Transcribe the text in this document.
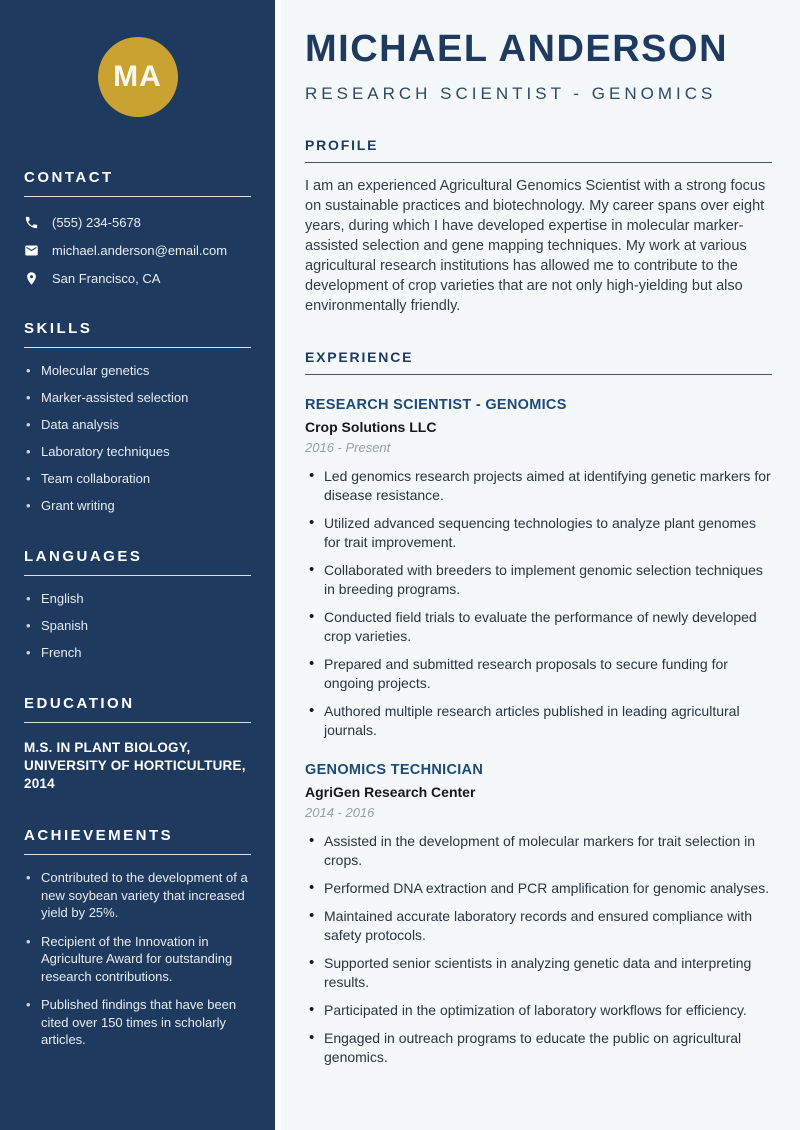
MA
CONTACT
(555) 234-5678
michael.anderson@email.com
San Francisco, CA
SKILLS
• Molecular genetics
• Marker-assisted selection
• Data analysis
• Laboratory techniques
• Team collaboration
• Grant writing
LANGUAGES
• English
• Spanish
• French
EDUCATION
M.S. IN PLANT BIOLOGY, UNIVERSITY OF HORTICULTURE, 2014
ACHIEVEMENTS
• Contributed to the development of a new soybean variety that increased yield by 25%.
• Recipient of the Innovation in Agriculture Award for outstanding research contributions.
• Published findings that have been cited over 150 times in scholarly articles.
MICHAEL ANDERSON
RESEARCH SCIENTIST - GENOMICS
PROFILE

I am an experienced Agricultural Genomics Scientist with a strong focus on sustainable practices and biotechnology. My career spans over eight years, during which I have developed expertise in molecular marker-assisted selection and gene mapping techniques. My work at various agricultural research institutions has allowed me to contribute to the development of crop varieties that are not only high-yielding but also environmentally friendly.

EXPERIENCE
RESEARCH SCIENTIST - GENOMICS
Crop Solutions LLC
2016 - Present
• Led genomics research projects aimed at identifying genetic markers for disease resistance.
• Utilized advanced sequencing technologies to analyze plant genomes for trait improvement.
• Collaborated with breeders to implement genomic selection techniques in breeding programs.
• Conducted field trials to evaluate the performance of newly developed crop varieties.
• Prepared and submitted research proposals to secure funding for ongoing projects.
• Authored multiple research articles published in leading agricultural journals.
GENOMICS TECHNICIAN
AgriGen Research Center
2014 - 2016
• Assisted in the development of molecular markers for trait selection in crops.
• Performed DNA extraction and PCR amplification for genomic analyses.
• Maintained accurate laboratory records and ensured compliance with safety protocols.
• Supported senior scientists in analyzing genetic data and interpreting results.
• Participated in the optimization of laboratory workflows for efficiency.
• Engaged in outreach programs to educate the public on agricultural genomics.
